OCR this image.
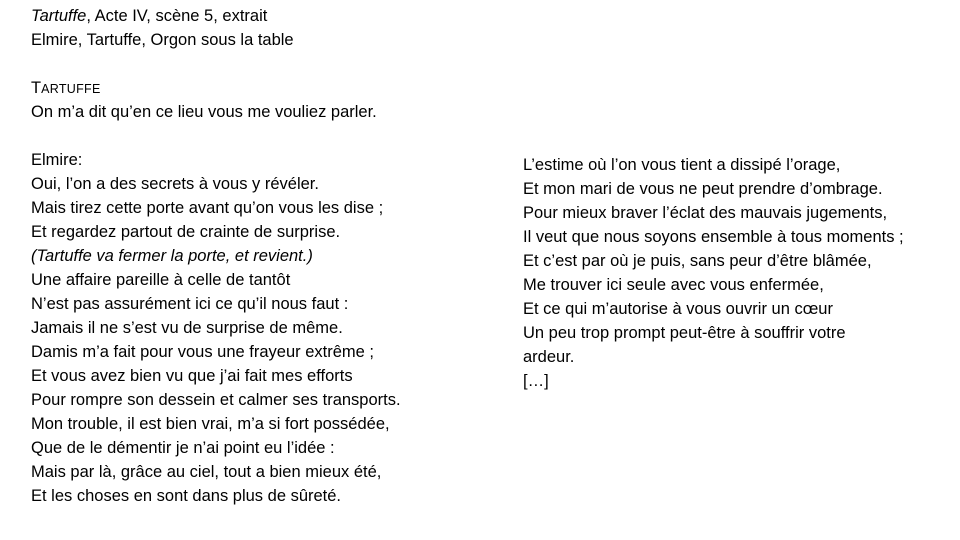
Tartuffe, Acte IV, scène 5, extrait
Elmire, Tartuffe, Orgon sous la table
TARTUFFE
On m’a dit qu’en ce lieu vous me vouliez parler.
Elmire:
Oui, l’on a des secrets à vous y révéler.
Mais tirez cette porte avant qu’on vous les dise ;
Et regardez partout de crainte de surprise.
(Tartuffe va fermer la porte, et revient.)
Une affaire pareille à celle de tantôt
N’est pas assurément ici ce qu’il nous faut :
Jamais il ne s’est vu de surprise de même.
Damis m’a fait pour vous une frayeur extrême ;
Et vous avez bien vu que j’ai fait mes efforts
Pour rompre son dessein et calmer ses transports.
Mon trouble, il est bien vrai, m’a si fort possédée,
Que de le démentir je n’ai point eu l’idée :
Mais par là, grâce au ciel, tout a bien mieux été,
Et les choses en sont dans plus de sûreté.
L’estime où l’on vous tient a dissipé l’orage,
Et mon mari de vous ne peut prendre d’ombrage.
Pour mieux braver l’éclat des mauvais jugements,
Il veut que nous soyons ensemble à tous moments ;
Et c’est par où je puis, sans peur d’être blâmée,
Me trouver ici seule avec vous enfermée,
Et ce qui m’autorise à vous ouvrir un cœur
Un peu trop prompt peut-être à souffrir votre
ardeur.
[…]
